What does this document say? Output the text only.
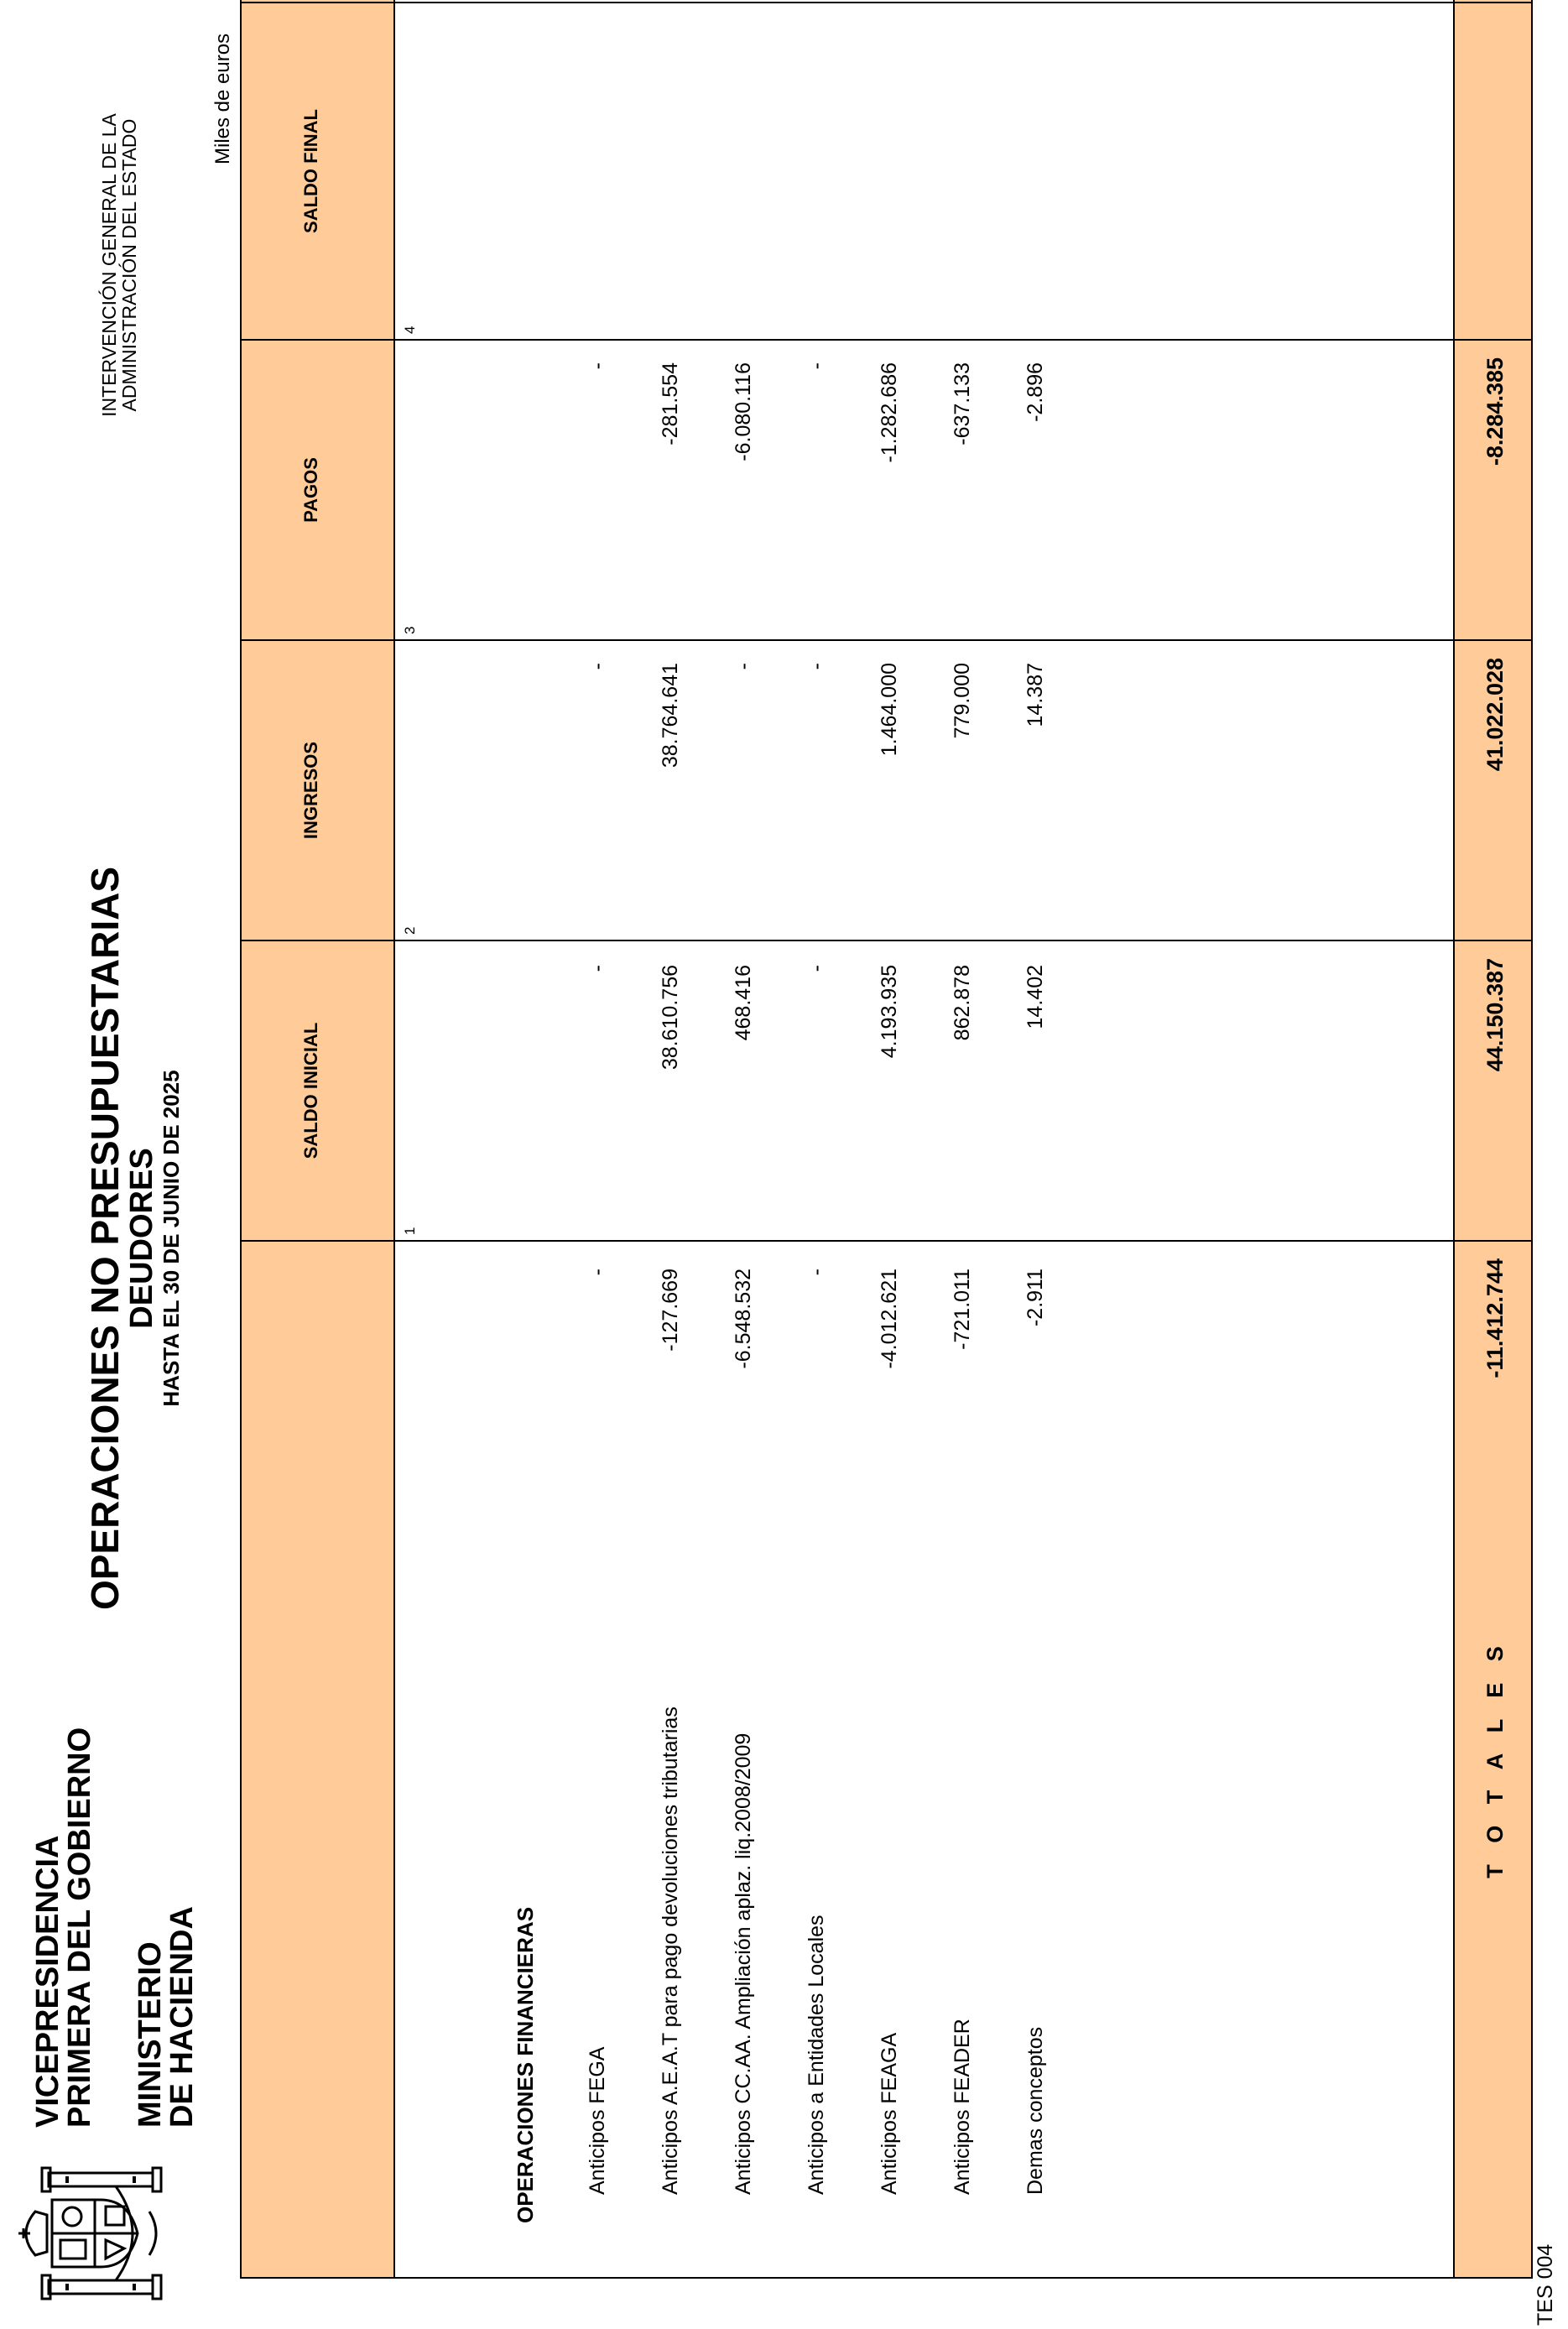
VICEPRESIDENCIA
PRIMERA DEL GOBIERNO MINISTERIO
DE HACIENDA
OPERACIONES NO PRESUPUESTARIAS
DEUDORES HASTA EL 30 DE JUNIO DE 2025
INTERVENCIÓN GENERAL DE LA
ADMINISTRACIÓN DEL ESTADO
Miles de euros
SALDO INICIAL
INGRESOS
PAGOS
SALDO FINAL
1
2
3
4
OPERACIONES FINANCIERAS Anticipos FEGA
-
-
-
-
Anticipos A.E.A.T para pago devoluciones tributarias
-127.669
38.610.756
38.764.641
-281.554
Anticipos CC.AA. Ampliación aplaz. liq.2008/2009
-6.548.532
468.416
-
-6.080.116
Anticipos a Entidades Locales
-
-
-
-
Anticipos FEAGA
-4.012.621
4.193.935
1.464.000
-1.282.686
Anticipos FEADER
-721.011
862.878
779.000
-637.133
Demas conceptos
-2.911
14.402
14.387
-2.896
T O T A L E S
-11.412.744
44.150.387
41.022.028
-8.284.385
TES 004
